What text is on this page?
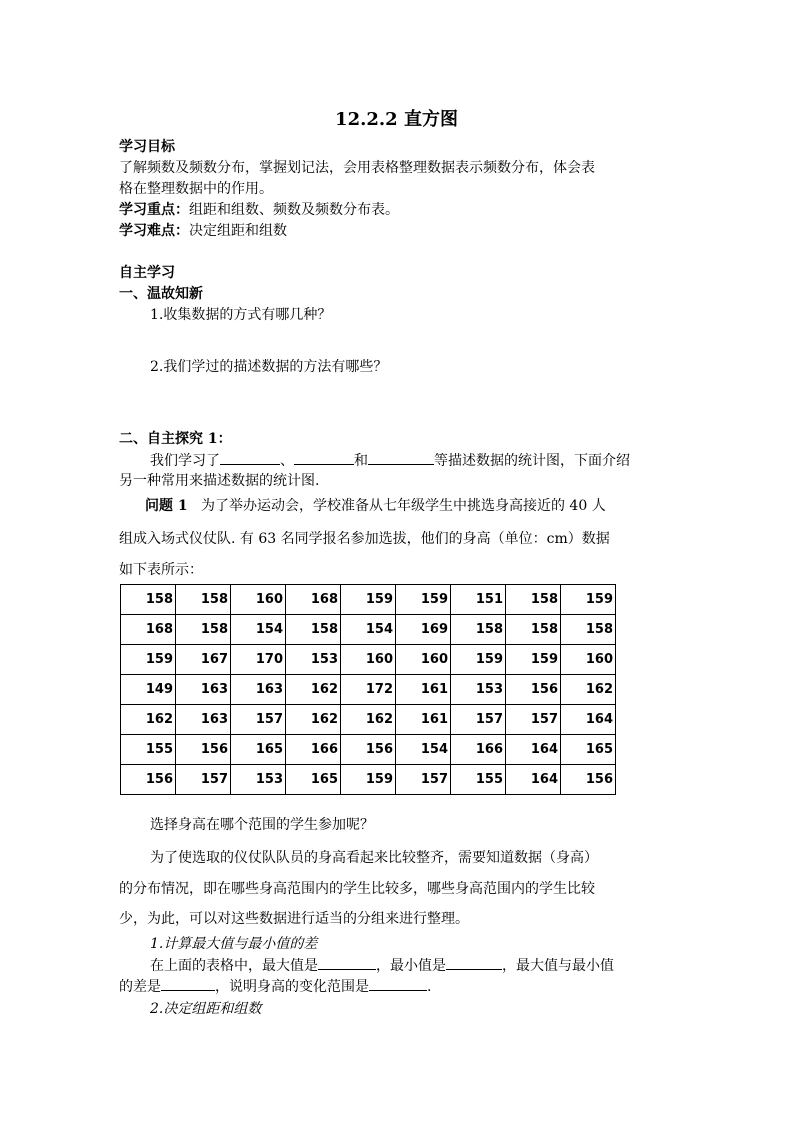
12.2.2 直方图
学习目标
了解频数及频数分布，掌握划记法，会用表格整理数据表示频数分布，体会表
格在整理数据中的作用。
学习重点：组距和组数、频数及频数分布表。
学习难点：决定组距和组数
自主学习
一、温故知新
1.收集数据的方式有哪几种？
2.我们学过的描述数据的方法有哪些？
二、自主探究 1：
我们学习了	、	和	等描述数据的统计图，下面介绍
另一种常用来描述数据的统计图.
问题 1 为了举办运动会，学校准备从七年级学生中挑选身高接近的 40 人
组成入场式仪仗队. 有 63 名同学报名参加选拔，他们的身高（单位：cm）数据
如下表所示：
158	158	160	168	159	159	151	158	159
168	158	154	158	154	169	158	158	158
159	167	170	153	160	160	159	159	160
149	163	163	162	172	161	153	156	162
162	163	157	162	162	161	157	157	164
155	156	165	166	156	154	166	164	165
156	157	153	165	159	157	155	164	156
选择身高在哪个范围的学生参加呢？
为了使选取的仪仗队队员的身高看起来比较整齐，需要知道数据（身高）
的分布情况，即在哪些身高范围内的学生比较多，哪些身高范围内的学生比较
少，为此，可以对这些数据进行适当的分组来进行整理。
1.计算最大值与最小值的差
在上面的表格中，最大值是	，最小值是	，最大值与最小值
的差是	，说明身高的变化范围是	.
2.决定组距和组数
